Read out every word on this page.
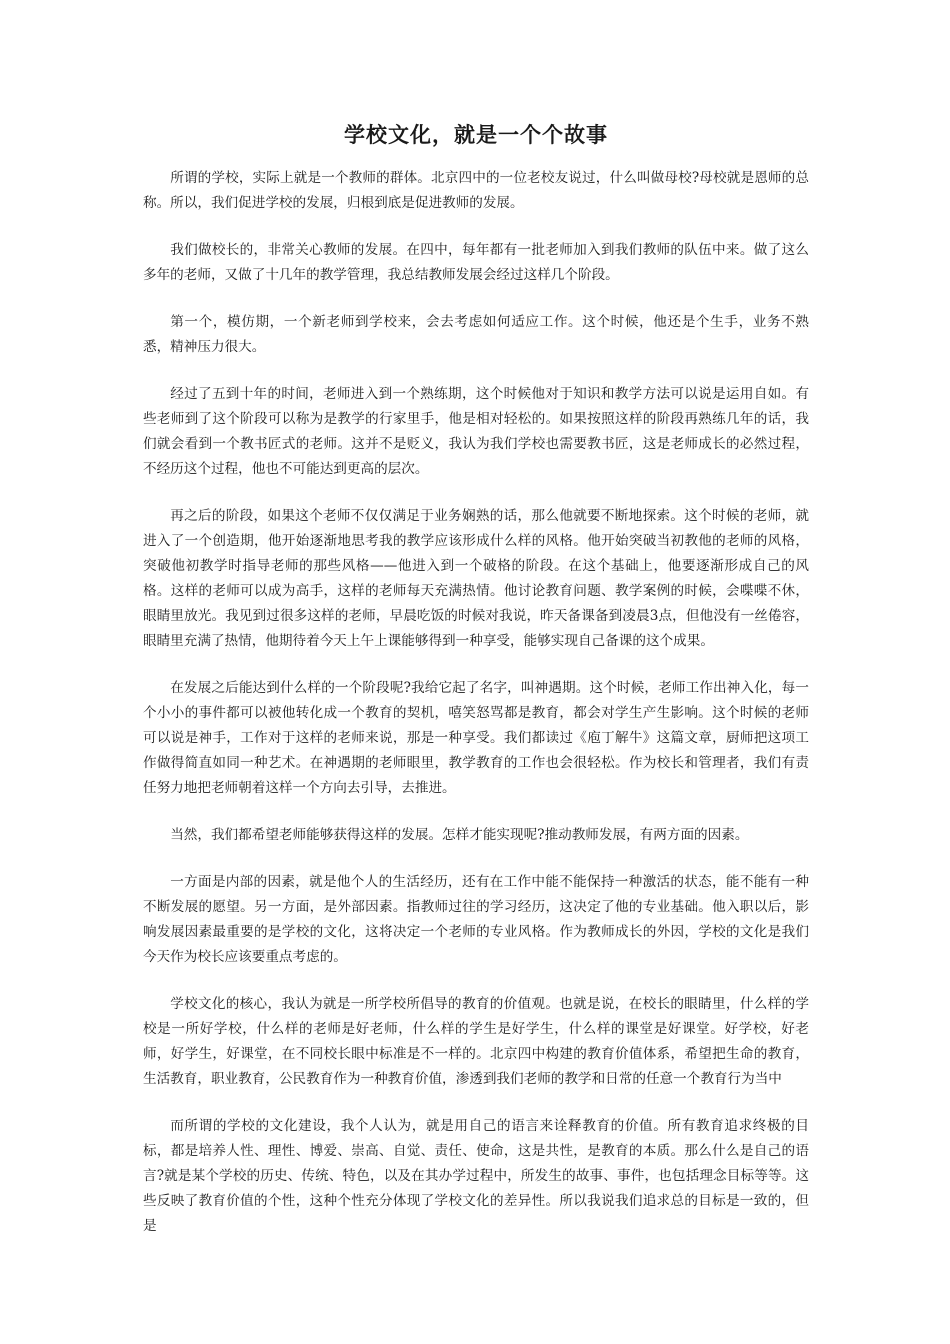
学校文化，就是一个个故事

所谓的学校，实际上就是一个教师的群体。北京四中的一位老校友说过，什么叫做母校?母校就是恩师的总称。所以，我们促进学校的发展，归根到底是促进教师的发展。

我们做校长的，非常关心教师的发展。在四中，每年都有一批老师加入到我们教师的队伍中来。做了这么多年的老师，又做了十几年的教学管理，我总结教师发展会经过这样几个阶段。

第一个，模仿期，一个新老师到学校来，会去考虑如何适应工作。这个时候，他还是个生手，业务不熟悉，精神压力很大。

经过了五到十年的时间，老师进入到一个熟练期，这个时候他对于知识和教学方法可以说是运用自如。有些老师到了这个阶段可以称为是教学的行家里手，他是相对轻松的。如果按照这样的阶段再熟练几年的话，我们就会看到一个教书匠式的老师。这并不是贬义，我认为我们学校也需要教书匠，这是老师成长的必然过程，不经历这个过程，他也不可能达到更高的层次。

再之后的阶段，如果这个老师不仅仅满足于业务娴熟的话，那么他就要不断地探索。这个时候的老师，就进入了一个创造期，他开始逐渐地思考我的教学应该形成什么样的风格。他开始突破当初教他的老师的风格，突破他初教学时指导老师的那些风格——他进入到一个破格的阶段。在这个基础上，他要逐渐形成自己的风格。这样的老师可以成为高手，这样的老师每天充满热情。他讨论教育问题、教学案例的时候，会喋喋不休，眼睛里放光。我见到过很多这样的老师，早晨吃饭的时候对我说，昨天备课备到凌晨3点，但他没有一丝倦容，眼睛里充满了热情，他期待着今天上午上课能够得到一种享受，能够实现自己备课的这个成果。

在发展之后能达到什么样的一个阶段呢?我给它起了名字，叫神遇期。这个时候，老师工作出神入化，每一个小小的事件都可以被他转化成一个教育的契机，嘻笑怒骂都是教育，都会对学生产生影响。这个时候的老师可以说是神手，工作对于这样的老师来说，那是一种享受。我们都读过《庖丁解牛》这篇文章，厨师把这项工作做得简直如同一种艺术。在神遇期的老师眼里，教学教育的工作也会很轻松。作为校长和管理者，我们有责任努力地把老师朝着这样一个方向去引导，去推进。

当然，我们都希望老师能够获得这样的发展。怎样才能实现呢?推动教师发展，有两方面的因素。

一方面是内部的因素，就是他个人的生活经历，还有在工作中能不能保持一种激活的状态，能不能有一种不断发展的愿望。另一方面，是外部因素。指教师过往的学习经历，这决定了他的专业基础。他入职以后，影响发展因素最重要的是学校的文化，这将决定一个老师的专业风格。作为教师成长的外因，学校的文化是我们今天作为校长应该要重点考虑的。

学校文化的核心，我认为就是一所学校所倡导的教育的价值观。也就是说，在校长的眼睛里，什么样的学校是一所好学校，什么样的老师是好老师，什么样的学生是好学生，什么样的课堂是好课堂。好学校，好老师，好学生，好课堂，在不同校长眼中标准是不一样的。北京四中构建的教育价值体系，希望把生命的教育，生活教育，职业教育，公民教育作为一种教育价值，渗透到我们老师的教学和日常的任意一个教育行为当中

而所谓的学校的文化建设，我个人认为，就是用自己的语言来诠释教育的价值。所有教育追求终极的目标，都是培养人性、理性、博爱、崇高、自觉、责任、使命，这是共性，是教育的本质。那么什么是自己的语言?就是某个学校的历史、传统、特色，以及在其办学过程中，所发生的故事、事件，也包括理念目标等等。这些反映了教育价值的个性，这种个性充分体现了学校文化的差异性。所以我说我们追求总的目标是一致的，但是
